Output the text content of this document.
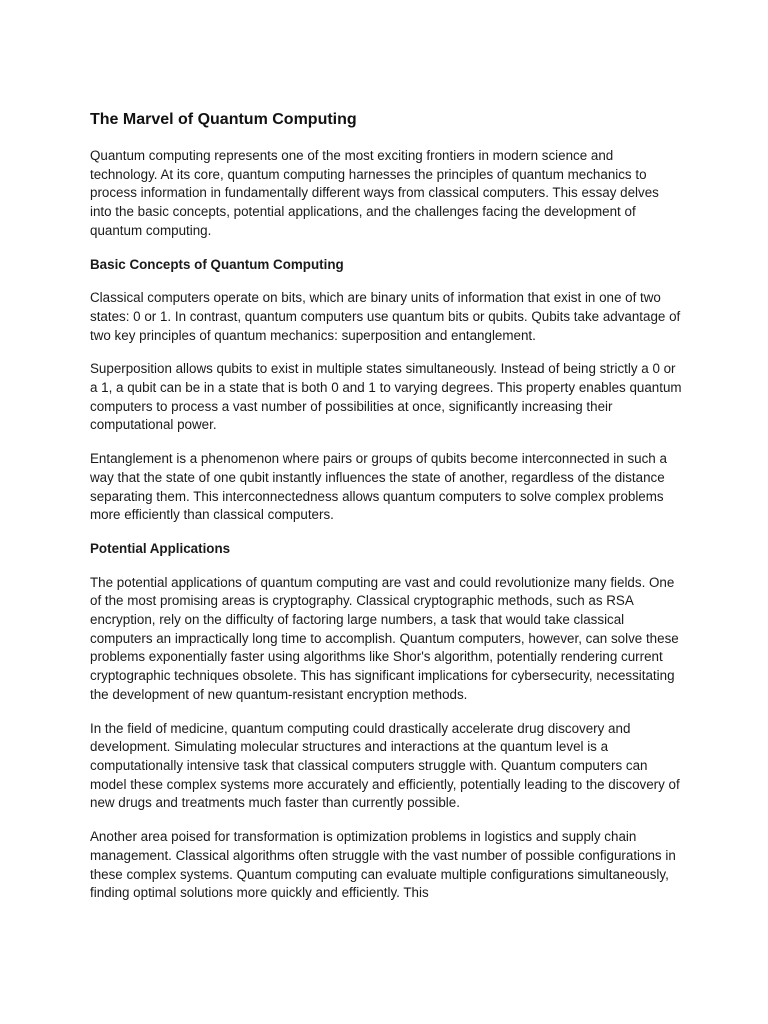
The Marvel of Quantum Computing

Quantum computing represents one of the most exciting frontiers in modern science and technology. At its core, quantum computing harnesses the principles of quantum mechanics to process information in fundamentally different ways from classical computers. This essay delves into the basic concepts, potential applications, and the challenges facing the development of quantum computing.

Basic Concepts of Quantum Computing

Classical computers operate on bits, which are binary units of information that exist in one of two states: 0 or 1. In contrast, quantum computers use quantum bits or qubits. Qubits take advantage of two key principles of quantum mechanics: superposition and entanglement.

Superposition allows qubits to exist in multiple states simultaneously. Instead of being strictly a 0 or a 1, a qubit can be in a state that is both 0 and 1 to varying degrees. This property enables quantum computers to process a vast number of possibilities at once, significantly increasing their computational power.

Entanglement is a phenomenon where pairs or groups of qubits become interconnected in such a way that the state of one qubit instantly influences the state of another, regardless of the distance separating them. This interconnectedness allows quantum computers to solve complex problems more efficiently than classical computers.

Potential Applications

The potential applications of quantum computing are vast and could revolutionize many fields. One of the most promising areas is cryptography. Classical cryptographic methods, such as RSA encryption, rely on the difficulty of factoring large numbers, a task that would take classical computers an impractically long time to accomplish. Quantum computers, however, can solve these problems exponentially faster using algorithms like Shor's algorithm, potentially rendering current cryptographic techniques obsolete. This has significant implications for cybersecurity, necessitating the development of new quantum-resistant encryption methods.

In the field of medicine, quantum computing could drastically accelerate drug discovery and development. Simulating molecular structures and interactions at the quantum level is a computationally intensive task that classical computers struggle with. Quantum computers can model these complex systems more accurately and efficiently, potentially leading to the discovery of new drugs and treatments much faster than currently possible.

Another area poised for transformation is optimization problems in logistics and supply chain management. Classical algorithms often struggle with the vast number of possible configurations in these complex systems. Quantum computing can evaluate multiple configurations simultaneously, finding optimal solutions more quickly and efficiently. This
